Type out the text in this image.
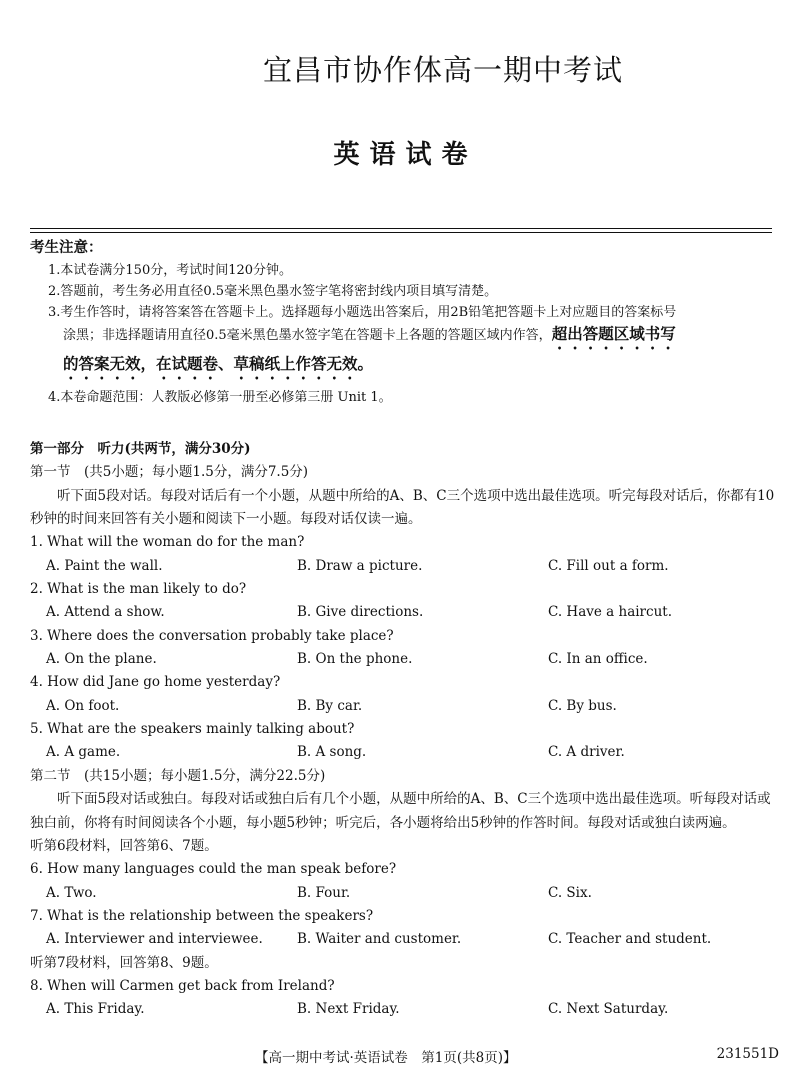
宜昌市协作体高一期中考试
英语试卷
考生注意：
1.本试卷满分150分，考试时间120分钟。
2.答题前，考生务必用直径0.5毫米黑色墨水签字笔将密封线内项目填写清楚。
3.考生作答时，请将答案答在答题卡上。选择题每小题选出答案后，用2B铅笔把答题卡上对应题目的答案标号涂黑；非选择题请用直径0.5毫米黑色墨水签字笔在答题卡上各题的答题区域内作答，超出答题区域书写的答案无效，在试题卷、草稿纸上作答无效。
4.本卷命题范围：人教版必修第一册至必修第三册 Unit 1。
第一部分　听力(共两节，满分30分)
第一节　(共5小题；每小题1.5分，满分7.5分)
听下面5段对话。每段对话后有一个小题，从题中所给的A、B、C三个选项中选出最佳选项。听完每段对话后，你都有10秒钟的时间来回答有关小题和阅读下一小题。每段对话仅读一遍。
1. What will the woman do for the man?
A. Paint the wall.	B. Draw a picture.	C. Fill out a form.
2. What is the man likely to do?
A. Attend a show.	B. Give directions.	C. Have a haircut.
3. Where does the conversation probably take place?
A. On the plane.	B. On the phone.	C. In an office.
4. How did Jane go home yesterday?
A. On foot.	B. By car.	C. By bus.
5. What are the speakers mainly talking about?
A. A game.	B. A song.	C. A driver.
第二节　(共15小题；每小题1.5分，满分22.5分)
听下面5段对话或独白。每段对话或独白后有几个小题，从题中所给的A、B、C三个选项中选出最佳选项。听每段对话或独白前，你将有时间阅读各个小题，每小题5秒钟；听完后，各小题将给出5秒钟的作答时间。每段对话或独白读两遍。
听第6段材料，回答第6、7题。
6. How many languages could the man speak before?
A. Two.	B. Four.	C. Six.
7. What is the relationship between the speakers?
A. Interviewer and interviewee.	B. Waiter and customer.	C. Teacher and student.
听第7段材料，回答第8、9题。
8. When will Carmen get back from Ireland?
A. This Friday.	B. Next Friday.	C. Next Saturday.
【高一期中考试·英语试卷　第1页(共8页)】	231551D
